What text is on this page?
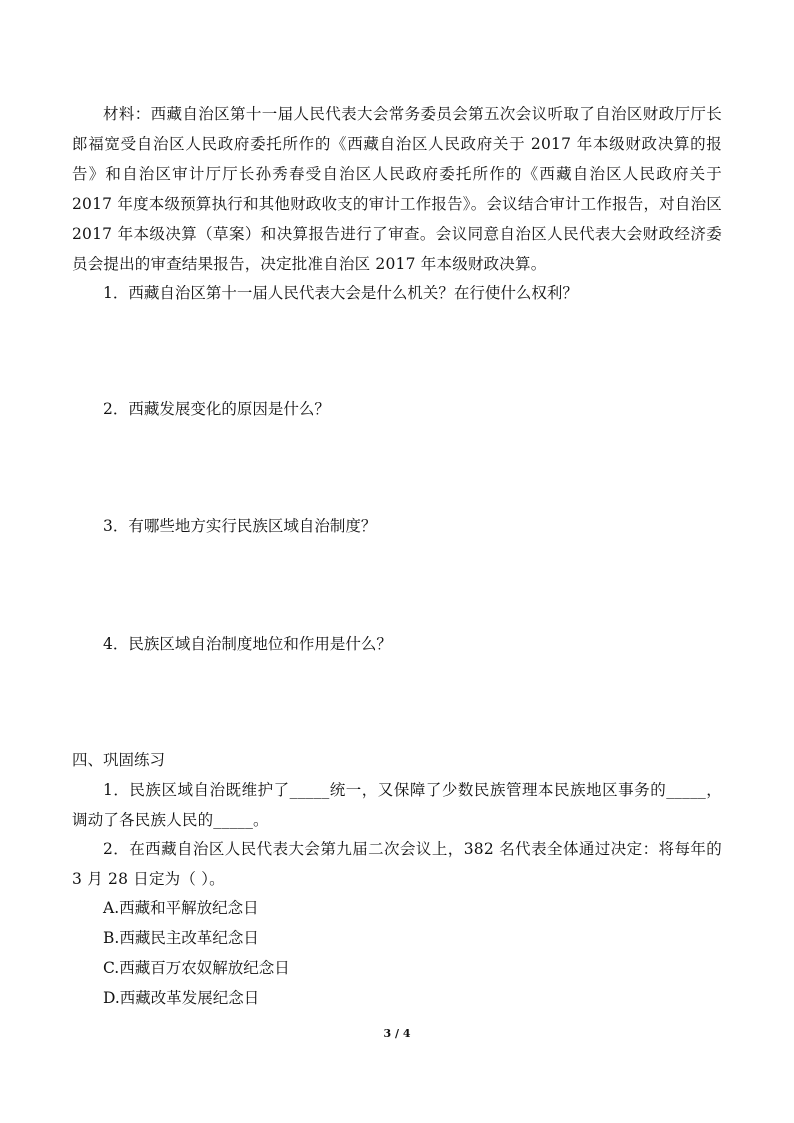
材料：西藏自治区第十一届人民代表大会常务委员会第五次会议听取了自治区财政厅厅长郎福宽受自治区人民政府委托所作的《西藏自治区人民政府关于 2017 年本级财政决算的报告》和自治区审计厅厅长孙秀春受自治区人民政府委托所作的《西藏自治区人民政府关于 2017 年度本级预算执行和其他财政收支的审计工作报告》。会议结合审计工作报告，对自治区 2017 年本级决算（草案）和决算报告进行了审查。会议同意自治区人民代表大会财政经济委员会提出的审查结果报告，决定批准自治区 2017 年本级财政决算。

1．西藏自治区第十一届人民代表大会是什么机关？在行使什么权利？

2．西藏发展变化的原因是什么？

3．有哪些地方实行民族区域自治制度？

4．民族区域自治制度地位和作用是什么？

四、巩固练习

1．民族区域自治既维护了_____统一，又保障了少数民族管理本民族地区事务的_____，调动了各民族人民的_____。

2．在西藏自治区人民代表大会第九届二次会议上，382 名代表全体通过决定：将每年的 3 月 28 日定为（ ）。

A.西藏和平解放纪念日

B.西藏民主改革纪念日

C.西藏百万农奴解放纪念日

D.西藏改革发展纪念日

3 / 4
